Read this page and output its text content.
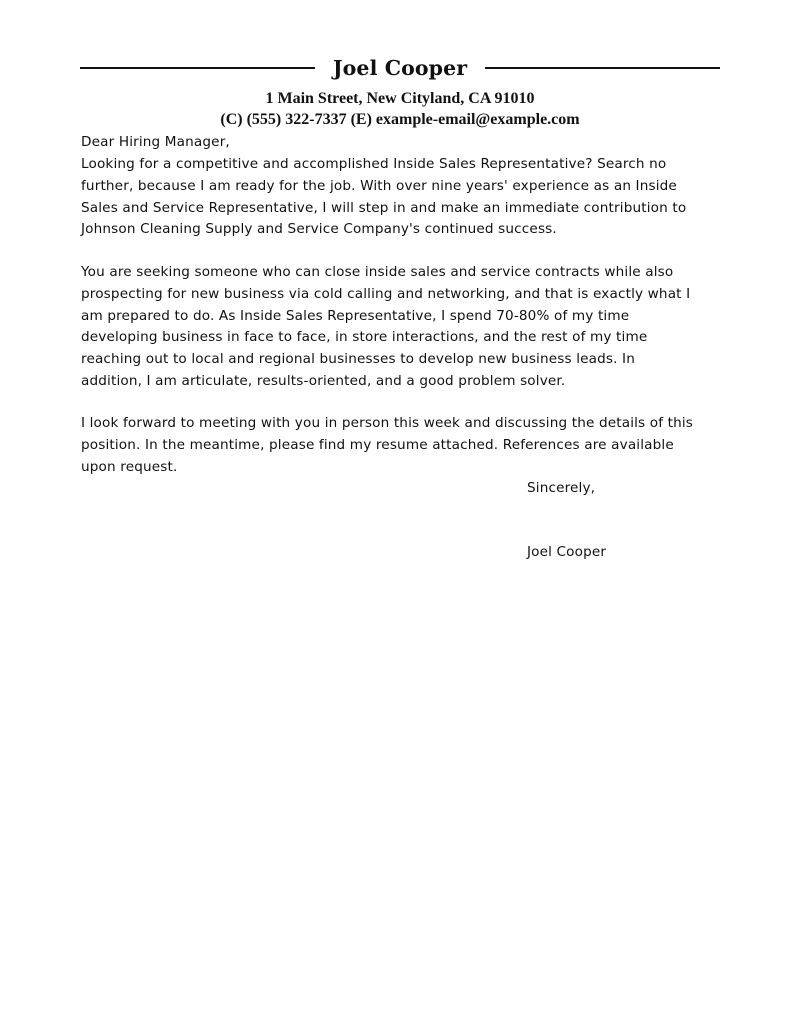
Joel Cooper
1 Main Street, New Cityland, CA 91010
(C) (555) 322-7337 (E) example-email@example.com
Dear Hiring Manager,
Looking for a competitive and accomplished Inside Sales Representative? Search no
further, because I am ready for the job. With over nine years' experience as an Inside
Sales and Service Representative, I will step in and make an immediate contribution to
Johnson Cleaning Supply and Service Company's continued success.
You are seeking someone who can close inside sales and service contracts while also
prospecting for new business via cold calling and networking, and that is exactly what I
am prepared to do. As Inside Sales Representative, I spend 70-80% of my time
developing business in face to face, in store interactions, and the rest of my time
reaching out to local and regional businesses to develop new business leads. In
addition, I am articulate, results-oriented, and a good problem solver.
I look forward to meeting with you in person this week and discussing the details of this
position. In the meantime, please find my resume attached. References are available
upon request.
Sincerely,
Joel Cooper
